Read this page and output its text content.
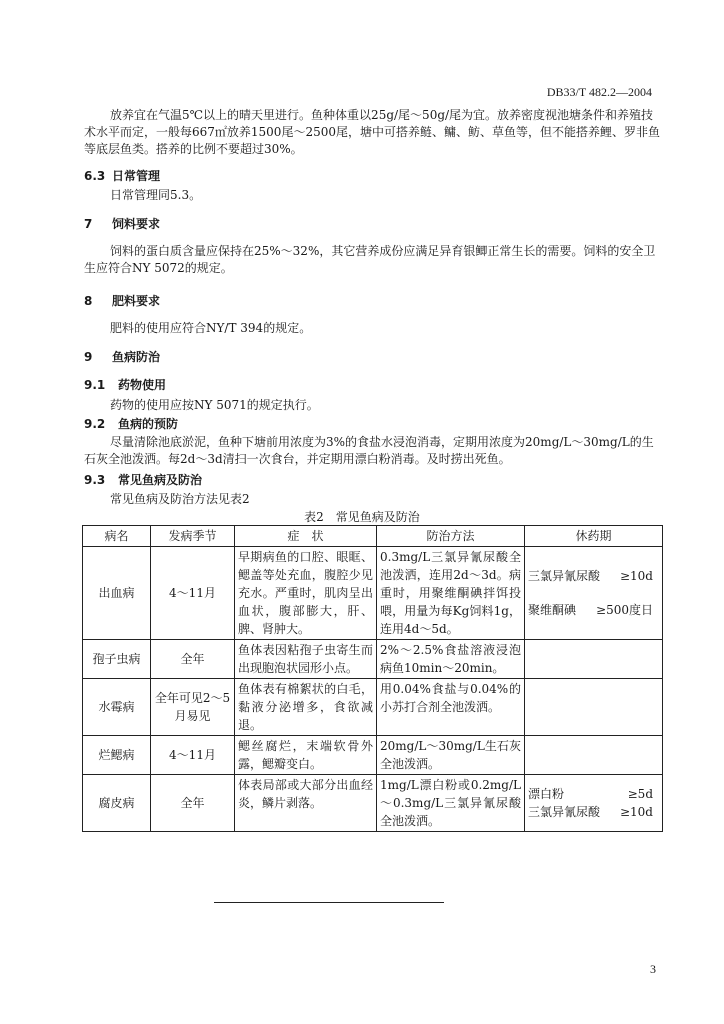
DB33/T 482.2—2004
放养宜在气温5℃以上的晴天里进行。鱼种体重以25g/尾～50g/尾为宜。放养密度视池塘条件和养殖技术水平而定，一般每667㎡放养1500尾～2500尾，塘中可搭养鲢、鳙、鲂、草鱼等，但不能搭养鲤、罗非鱼等底层鱼类。搭养的比例不要超过30%。
6.3 日常管理
日常管理同5.3。
7 饲料要求
饲料的蛋白质含量应保持在25%～32%，其它营养成份应满足异育银鲫正常生长的需要。饲料的安全卫生应符合NY 5072的规定。
8 肥料要求
肥料的使用应符合NY/T 394的规定。
9 鱼病防治
9.1 药物使用
药物的使用应按NY 5071的规定执行。
9.2 鱼病的预防
尽量清除池底淤泥，鱼种下塘前用浓度为3%的食盐水浸泡消毒，定期用浓度为20mg/L～30mg/L的生石灰全池泼洒。每2d～3d清扫一次食台，并定期用漂白粉消毒。及时捞出死鱼。
9.3 常见鱼病及防治
常见鱼病及防治方法见表2
表2　常见鱼病及防治
病名	发病季节	症　状	防治方法	休药期
出血病	4～11月	早期病鱼的口腔、眼眶、鳃盖等处充血，腹腔少见充水。严重时，肌肉呈出血状，腹部膨大，肝、脾、肾肿大。	0.3mg/L三氯异氰尿酸全池泼洒，连用2d～3d。病重时，用聚维酮碘拌饵投喂，用量为每Kg饲料1g，连用4d～5d。	三氯异氰尿酸 ≥10d
聚维酮碘 ≥500度日

孢子虫病	全年	鱼体表因粘孢子虫寄生而出现胞泡状园形小点。	2%～2.5%食盐溶液浸泡病鱼10min～20min。	
水霉病	全年可见2～5月易见	鱼体表有棉絮状的白毛，黏液分泌增多，食欲减退。	用0.04%食盐与0.04%的小苏打合剂全池泼洒。	
烂鳃病	4～11月	鳃丝腐烂，末端软骨外露，鳃瓣变白。	20mg/L～30mg/L生石灰全池泼洒。	
腐皮病	全年	体表局部或大部分出血经炎，鳞片剥落。	1mg/L漂白粉或0.2mg/L～0.3mg/L三氯异氰尿酸全池泼洒。	漂白粉 ≥5d
三氯异氰尿酸 ≥10d
3
